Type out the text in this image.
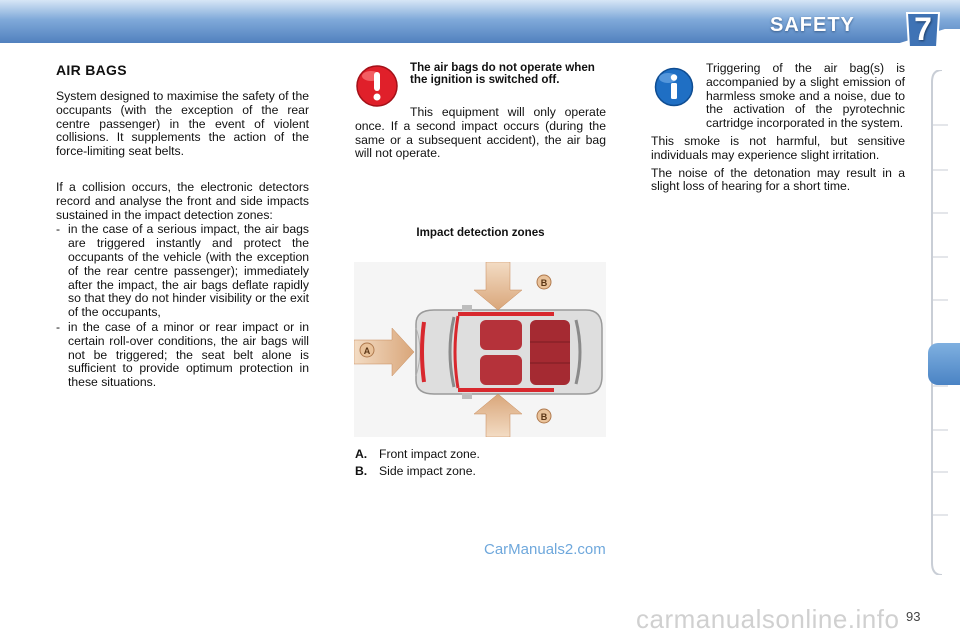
SAFETY	7
AIR BAGS

System designed to maximise the safety of the occupants (with the exception of the rear centre passenger) in the event of violent collisions. It supplements the action of the force-limiting seat belts.

If a collision occurs, the electronic detectors record and analyse the front and side impacts sustained in the impact detection zones:

- in the case of a serious impact, the air bags are triggered instantly and protect the occupants of the vehicle (with the exception of the rear centre passenger); immediately after the impact, the air bags deflate rapidly so that they do not hinder visibility or the exit of the occupants,
- in the case of a minor or rear impact or in certain roll-over conditions, the air bags will not be triggered; the seat belt alone is sufficient to provide optimum protection in these situations.
The air bags do not operate when the ignition is switched off.

This equipment will only operate once. If a second impact occurs (during the same or a subsequent accident), the air bag will not operate.

Impact detection zones
A
B
B
A. Front impact zone.
B. Side impact zone.

Triggering of the air bag(s) is accompanied by a slight emission of harmless smoke and a noise, due to the activation of the pyrotechnic cartridge incorporated in the system.

This smoke is not harmful, but sensitive individuals may experience slight irritation.

The noise of the detonation may result in a slight loss of hearing for a short time.

CarManuals2.com
carmanualsonline.info 93
